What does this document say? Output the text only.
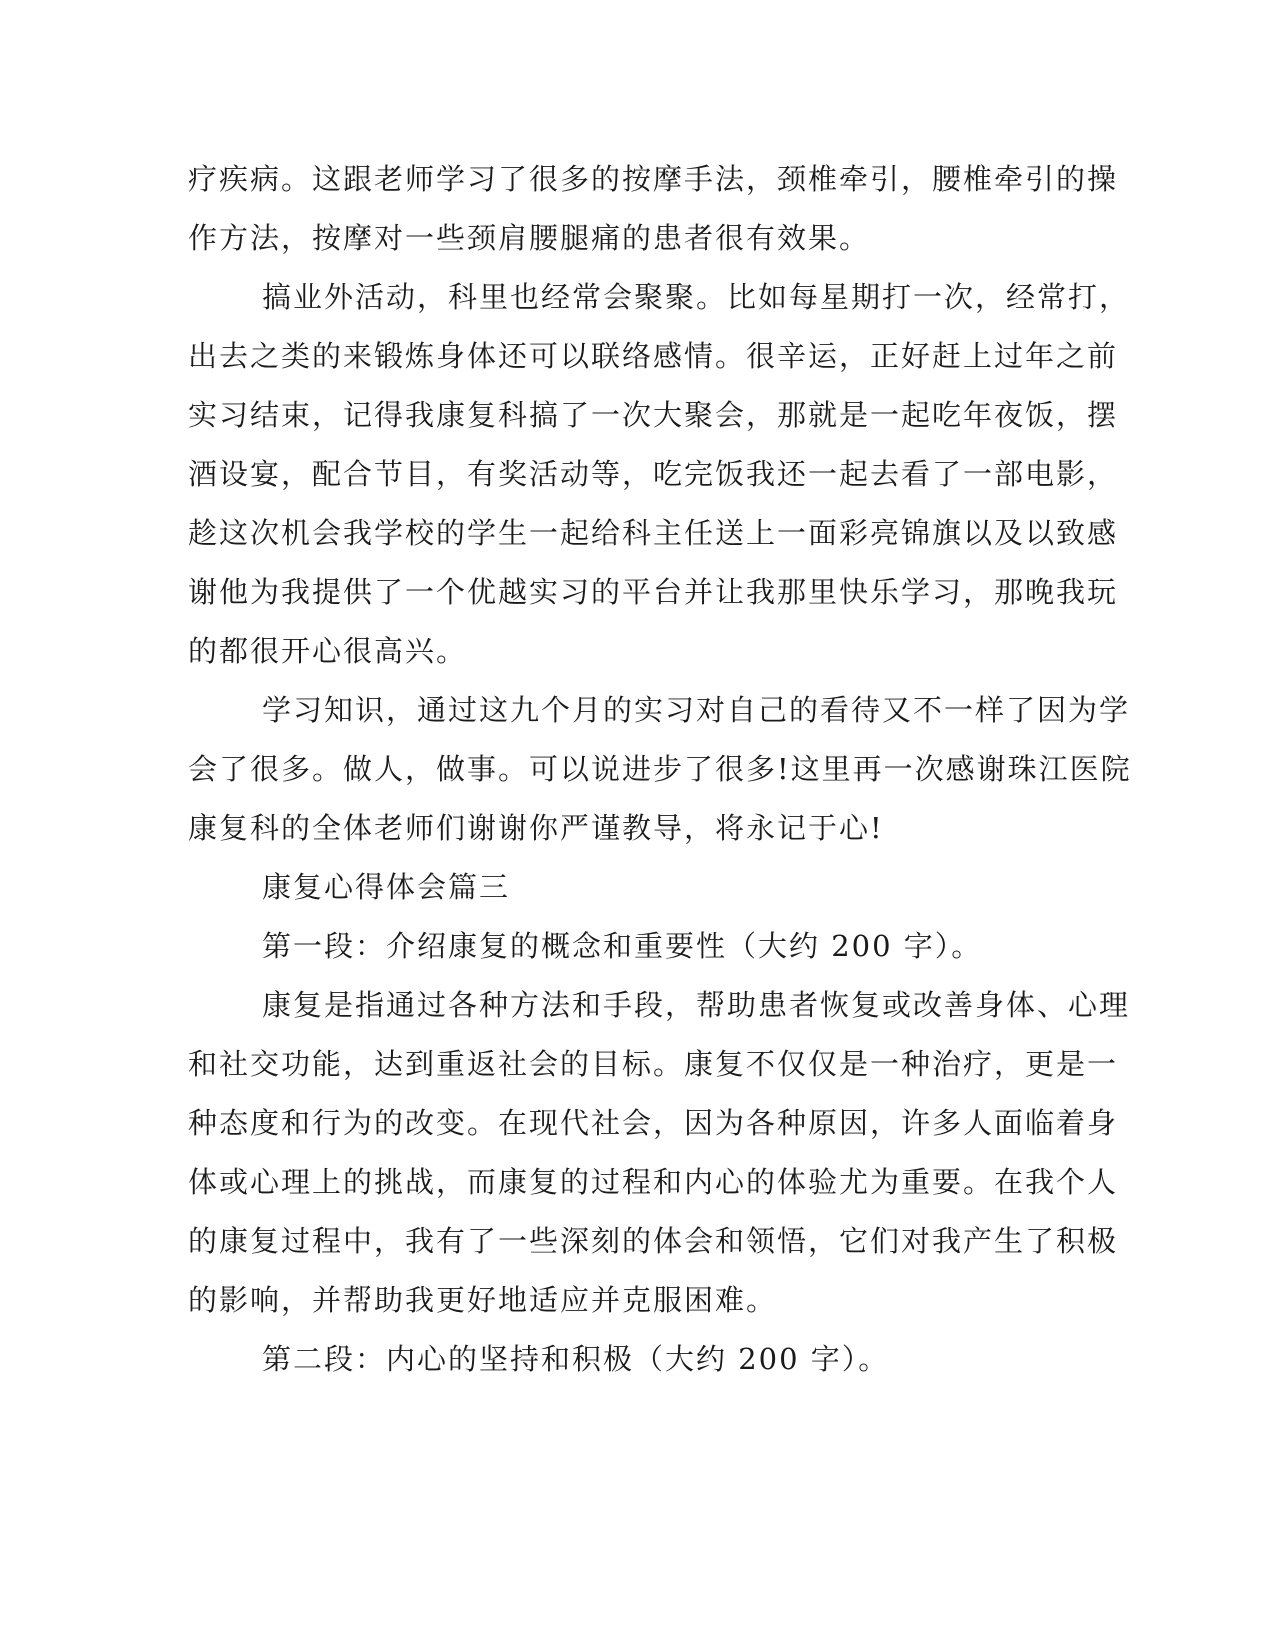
疗疾病。这跟老师学习了很多的按摩手法，颈椎牵引，腰椎牵引的操
作方法，按摩对一些颈肩腰腿痛的患者很有效果。
搞业外活动，科里也经常会聚聚。比如每星期打一次，经常打，
出去之类的来锻炼身体还可以联络感情。很辛运，正好赶上过年之前
实习结束，记得我康复科搞了一次大聚会，那就是一起吃年夜饭，摆
酒设宴，配合节目，有奖活动等，吃完饭我还一起去看了一部电影，
趁这次机会我学校的学生一起给科主任送上一面彩亮锦旗以及以致感
谢他为我提供了一个优越实习的平台并让我那里快乐学习，那晚我玩
的都很开心很高兴。
学习知识，通过这九个月的实习对自己的看待又不一样了因为学
会了很多。做人，做事。可以说进步了很多!这里再一次感谢珠江医院
康复科的全体老师们谢谢你严谨教导，将永记于心!
康复心得体会篇三
第一段：介绍康复的概念和重要性（大约 200 字）。
康复是指通过各种方法和手段，帮助患者恢复或改善身体、心理
和社交功能，达到重返社会的目标。康复不仅仅是一种治疗，更是一
种态度和行为的改变。在现代社会，因为各种原因，许多人面临着身
体或心理上的挑战，而康复的过程和内心的体验尤为重要。在我个人
的康复过程中，我有了一些深刻的体会和领悟，它们对我产生了积极
的影响，并帮助我更好地适应并克服困难。
第二段：内心的坚持和积极（大约 200 字）。
